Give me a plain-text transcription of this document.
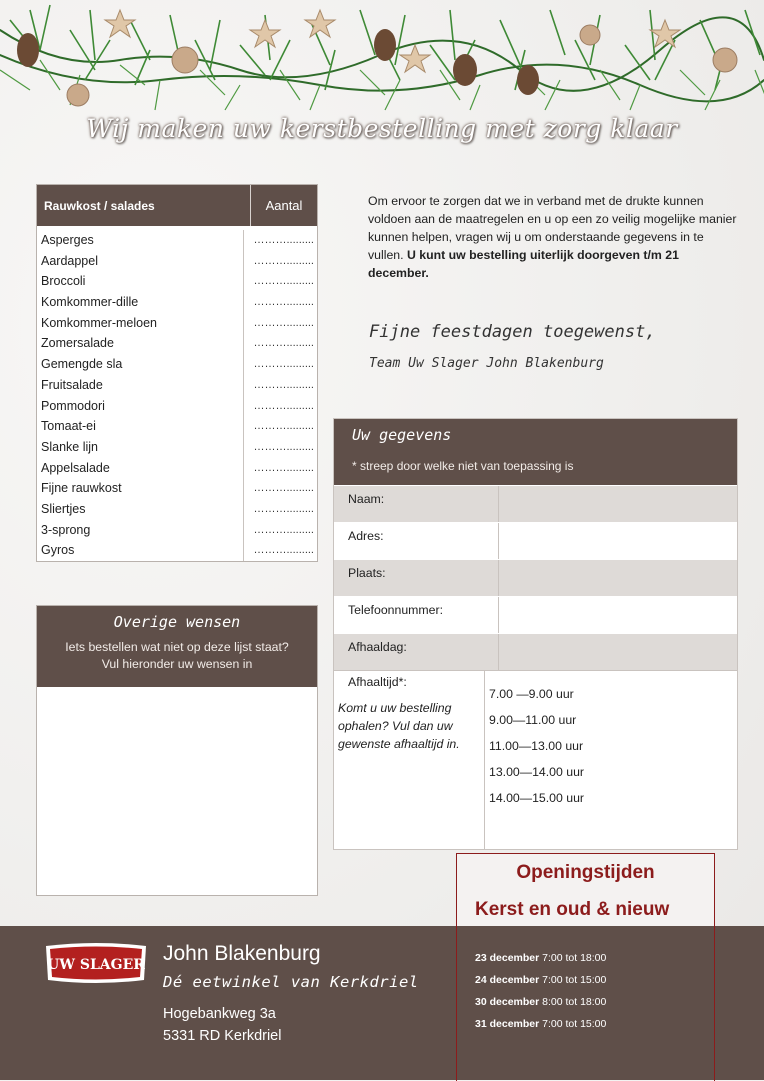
Wij maken uw kerstbestelling met zorg klaar
Rauwkost / salades	Aantal
Asperges	……….........
Aardappel	……….........
Broccoli	……….........
Komkommer-dille	……….........
Komkommer-meloen	……….........
Zomersalade	……….........
Gemengde sla	……….........
Fruitsalade	……….........
Pommodori	……….........
Tomaat-ei	……….........
Slanke lijn	……….........
Appelsalade	……….........
Fijne rauwkost	……….........
Sliertjes	……….........
3-sprong	……….........
Gyros	……….........
Om ervoor te zorgen dat we in verband met de drukte kunnen voldoen aan de maatregelen en u op een zo veilig mogelijke manier kunnen helpen, vragen wij u om onderstaande gegevens in te vullen. U kunt uw bestelling uiterlijk doorgeven t/m 21 december.
Fijne feestdagen toegewenst,
Team Uw Slager John Blakenburg
Uw gegevens
* streep door welke niet van toepassing is
Naam:
Adres:
Plaats:
Telefoonnummer:
Afhaaldag:
Afhaaltijd*:
Komt u uw bestelling ophalen? Vul dan uw gewenste afhaaltijd in.
7.00 —9.00 uur
9.00—11.00 uur
11.00—13.00 uur
13.00—14.00 uur
14.00—15.00 uur
Overige wensen
Iets bestellen wat niet op deze lijst staat?
Vul hieronder uw wensen in
UW SLAGER John Blakenburg
Dé eetwinkel van Kerkdriel
Hogebankweg 3a
5331 RD Kerkdriel
Openingstijden
Kerst en oud & nieuw
23 december 7:00 tot 18:00
24 december 7:00 tot 15:00
30 december 8:00 tot 18:00
31 december 7:00 tot 15:00
